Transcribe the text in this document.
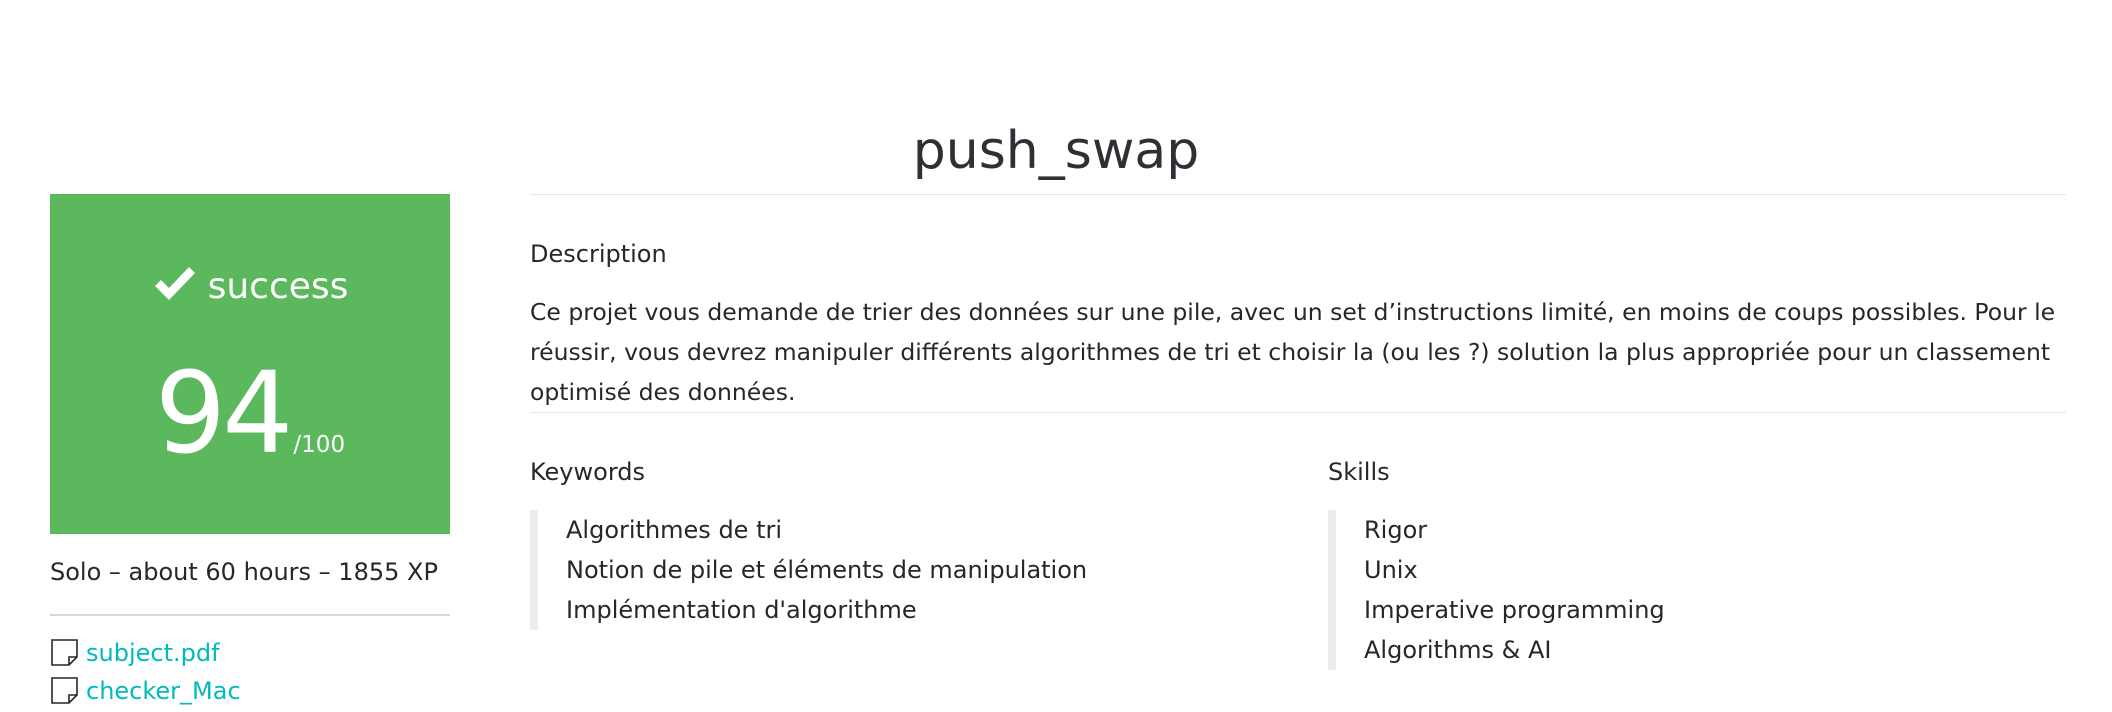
push_swap
success
94 /100
Solo – about 60 hours – 1855 XP
subject.pdf
checker_Mac
Description
Ce projet vous demande de trier des données sur une pile, avec un set d’instructions limité, en moins de coups possibles. Pour le réussir, vous devrez manipuler différents algorithmes de tri et choisir la (ou les ?) solution la plus appropriée pour un classement optimisé des données.
Keywords
Algorithmes de tri
Notion de pile et éléments de manipulation
Implémentation d'algorithme
Skills
Rigor
Unix
Imperative programming
Algorithms & AI
